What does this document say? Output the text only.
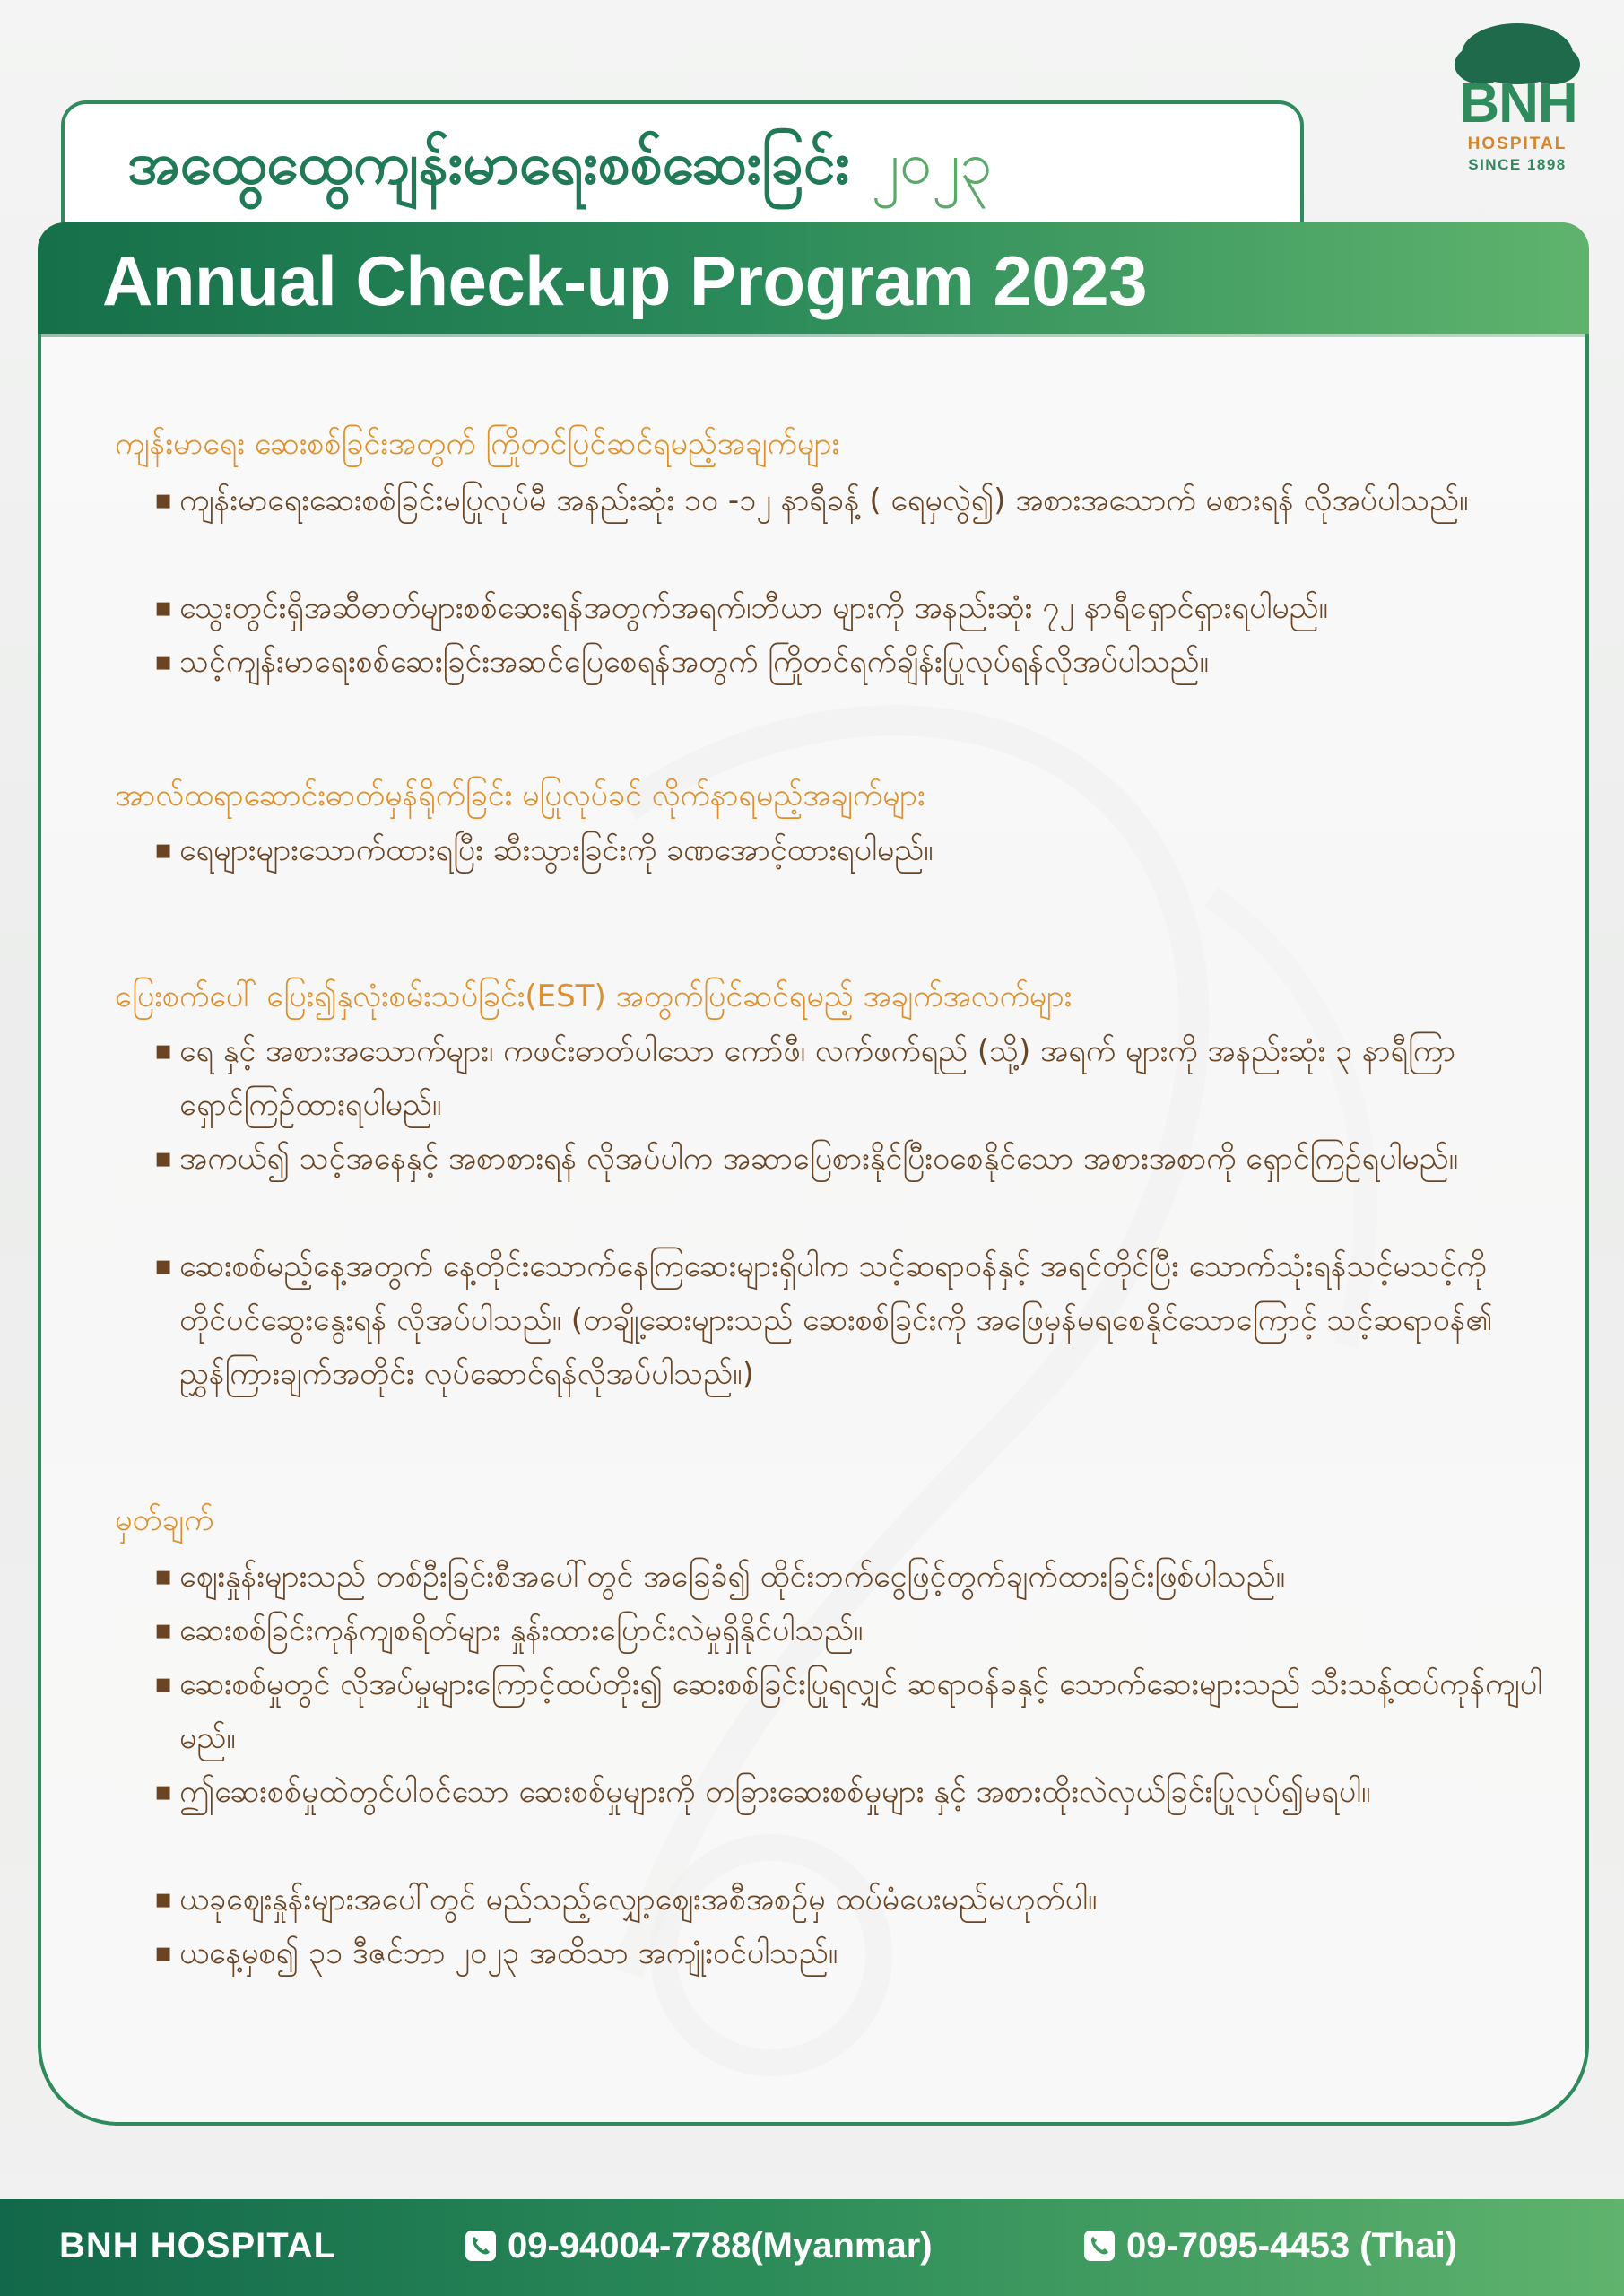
အထွေထွေကျန်းမာရေးစစ်ဆေးခြင်း ၂၀၂၃
BNH
HOSPITAL
SINCE 1898
Annual Check-up Program 2023
ကျန်းမာရေး ဆေးစစ်ခြင်းအတွက် ကြိုတင်ပြင်ဆင်ရမည့်အချက်များ
▪ ကျန်းမာရေးဆေးစစ်ခြင်းမပြုလုပ်မီ အနည်းဆုံး ၁၀ -၁၂ နာရီခန့် ( ရေမှလွဲ၍) အစားအသောက် မစားရန် လိုအပ်ပါသည်။
▪ သွေးတွင်းရှိအဆီဓာတ်များစစ်ဆေးရန်အတွက်အရက်၊ဘီယာ များကို အနည်းဆုံး ၇၂ နာရီရှောင်ရှားရပါမည်။
▪ သင့်ကျန်းမာရေးစစ်ဆေးခြင်းအဆင်ပြေစေရန်အတွက် ကြိုတင်ရက်ချိန်းပြုလုပ်ရန်လိုအပ်ပါသည်။
အာလ်ထရာဆောင်းဓာတ်မှန်ရိုက်ခြင်း မပြုလုပ်ခင် လိုက်နာရမည့်အချက်များ
▪ ရေများများသောက်ထားရပြီး ဆီးသွားခြင်းကို ခဏအောင့်ထားရပါမည်။
ပြေးစက်ပေါ် ပြေး၍နှလုံးစမ်းသပ်ခြင်း(EST) အတွက်ပြင်ဆင်ရမည့် အချက်အလက်များ
▪ ရေ နှင့် အစားအသောက်များ၊ ကဖင်းဓာတ်ပါသော ကော်ဖီ၊ လက်ဖက်ရည် (သို့) အရက် များကို အနည်းဆုံး ၃ နာရီကြာ ရှောင်ကြဉ်ထားရပါမည်။
▪ အကယ်၍ သင့်အနေနှင့် အစာစားရန် လိုအပ်ပါက အဆာပြေစားနိုင်ပြီးဝစေနိုင်သော အစားအစာကို ရှောင်ကြဉ်ရပါမည်။
▪ ဆေးစစ်မည့်နေ့အတွက် နေ့တိုင်းသောက်နေကြဆေးများရှိပါက သင့်ဆရာဝန်နှင့် အရင်တိုင်ပြီး သောက်သုံးရန်သင့်မသင့်ကို တိုင်ပင်ဆွေးနွေးရန် လိုအပ်ပါသည်။ (တချို့ဆေးများသည် ဆေးစစ်ခြင်းကို အဖြေမှန်မရစေနိုင်သောကြောင့် သင့်ဆရာဝန်၏ ညွှန်ကြားချက်အတိုင်း လုပ်ဆောင်ရန်လိုအပ်ပါသည်။)
မှတ်ချက်
▪ ဈေးနှုန်းများသည် တစ်ဦးခြင်းစီအပေါ်တွင် အခြေခံ၍ ထိုင်းဘက်ငွေဖြင့်တွက်ချက်ထားခြင်းဖြစ်ပါသည်။
▪ ဆေးစစ်ခြင်းကုန်ကျစရိတ်များ နှုန်းထားပြောင်းလဲမှုရှိနိုင်ပါသည်။
▪ ဆေးစစ်မှုတွင် လိုအပ်မှုများကြောင့်ထပ်တိုး၍ ဆေးစစ်ခြင်းပြုရလျှင် ဆရာဝန်ခနှင့် သောက်ဆေးများသည် သီးသန့်ထပ်ကုန်ကျပါမည်။
▪ ဤဆေးစစ်မှုထဲတွင်ပါဝင်သော ဆေးစစ်မှုများကို တခြားဆေးစစ်မှုများ နှင့် အစားထိုးလဲလှယ်ခြင်းပြုလုပ်၍မရပါ။
▪ ယခုဈေးနှုန်းများအပေါ်တွင် မည်သည့်လျှော့ဈေးအစီအစဉ်မှ ထပ်မံပေးမည်မဟုတ်ပါ။
▪ ယနေ့မှစ၍ ၃၁ ဒီဇင်ဘာ ၂၀၂၃ အထိသာ အကျုံးဝင်ပါသည်။
BNH HOSPITAL	09-94004-7788(Myanmar)	09-7095-4453 (Thai)
